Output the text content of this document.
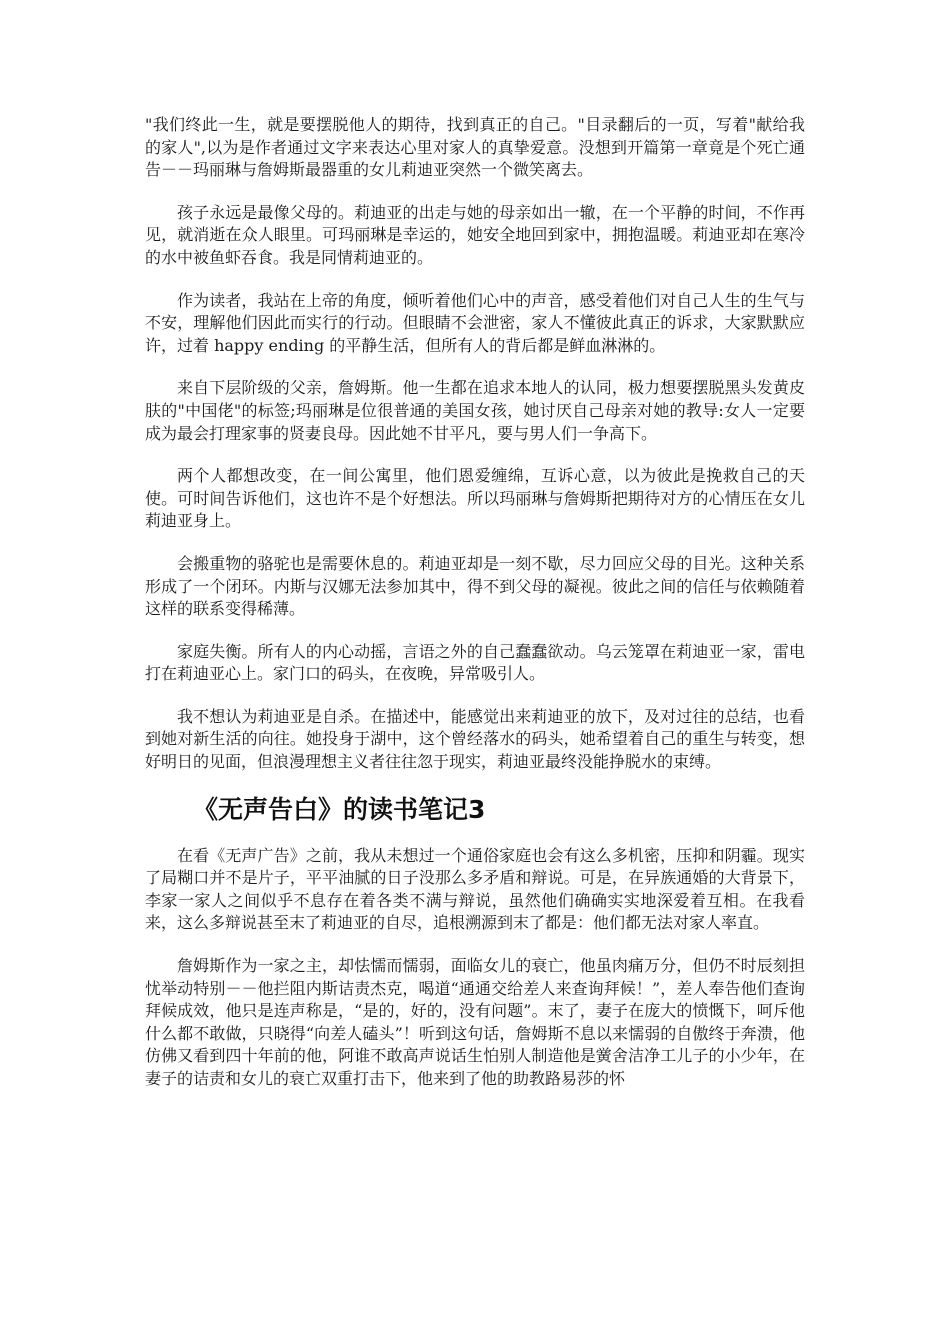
"我们终此一生，就是要摆脱他人的期待，找到真正的自己。"目录翻后的一页，写着"献给我的家人",以为是作者通过文字来表达心里对家人的真挚爱意。没想到开篇第一章竟是个死亡通告－－玛丽琳与詹姆斯最器重的女儿莉迪亚突然一个微笑离去。

孩子永远是最像父母的。莉迪亚的出走与她的母亲如出一辙，在一个平静的时间，不作再见，就消逝在众人眼里。可玛丽琳是幸运的，她安全地回到家中，拥抱温暖。莉迪亚却在寒冷的水中被鱼虾吞食。我是同情莉迪亚的。

作为读者，我站在上帝的角度，倾听着他们心中的声音，感受着他们对自己人生的生气与不安，理解他们因此而实行的行动。但眼睛不会泄密，家人不懂彼此真正的诉求，大家默默应许，过着 happy ending 的平静生活，但所有人的背后都是鲜血淋淋的。

来自下层阶级的父亲，詹姆斯。他一生都在追求本地人的认同，极力想要摆脱黑头发黄皮肤的"中国佬"的标签;玛丽琳是位很普通的美国女孩，她讨厌自己母亲对她的教导:女人一定要成为最会打理家事的贤妻良母。因此她不甘平凡，要与男人们一争高下。

两个人都想改变，在一间公寓里，他们恩爱缠绵，互诉心意，以为彼此是挽救自己的天使。可时间告诉他们，这也许不是个好想法。所以玛丽琳与詹姆斯把期待对方的心情压在女儿莉迪亚身上。

会搬重物的骆驼也是需要休息的。莉迪亚却是一刻不歇，尽力回应父母的目光。这种关系形成了一个闭环。内斯与汉娜无法参加其中，得不到父母的凝视。彼此之间的信任与依赖随着这样的联系变得稀薄。

家庭失衡。所有人的内心动摇，言语之外的自己蠢蠢欲动。乌云笼罩在莉迪亚一家，雷电打在莉迪亚心上。家门口的码头，在夜晚，异常吸引人。

我不想认为莉迪亚是自杀。在描述中，能感觉出来莉迪亚的放下，及对过往的总结，也看到她对新生活的向往。她投身于湖中，这个曾经落水的码头，她希望着自己的重生与转变，想好明日的见面，但浪漫理想主义者往往忽于现实，莉迪亚最终没能挣脱水的束缚。

《无声告白》的读书笔记3

在看《无声广告》之前，我从未想过一个通俗家庭也会有这么多机密，压抑和阴霾。现实了局糊口并不是片子，平平油腻的日子没那么多矛盾和辩说。可是，在异族通婚的大背景下，李家一家人之间似乎不息存在着各类不满与辩说，虽然他们确确实实地深爱着互相。在我看来，这么多辩说甚至末了莉迪亚的自尽，追根溯源到末了都是：他们都无法对家人率直。

詹姆斯作为一家之主，却怯懦而懦弱，面临女儿的衰亡，他虽肉痛万分，但仍不时辰刻担忧举动特别－－他拦阻内斯诘责杰克，喝道“通通交给差人来查询拜候！”，差人奉告他们查询拜候成效，他只是连声称是，“是的，好的，没有问题”。末了，妻子在庞大的愤慨下，呵斥他什么都不敢做，只晓得“向差人磕头”！听到这句话，詹姆斯不息以来懦弱的自傲终于奔溃，他仿佛又看到四十年前的他，阿谁不敢高声说话生怕别人制造他是黉舍洁净工儿子的小少年，在妻子的诘责和女儿的衰亡双重打击下，他来到了他的助教路易莎的怀
